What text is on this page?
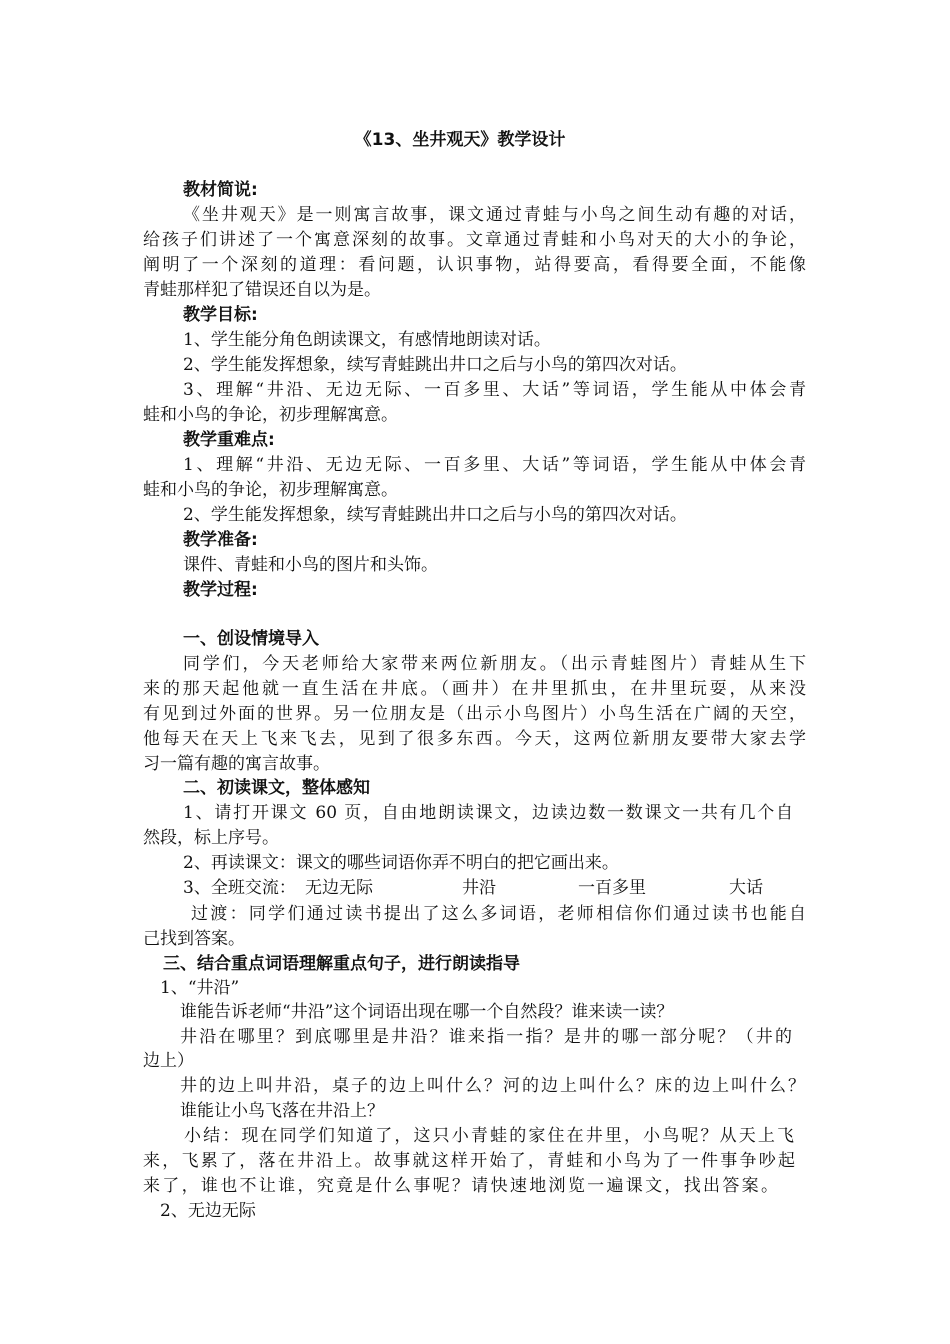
《13、坐井观天》教学设计
教材简说:
《坐井观天》是一则寓言故事，课文通过青蛙与小鸟之间生动有趣的对话，
给孩子们讲述了一个寓意深刻的故事。文章通过青蛙和小鸟对天的大小的争论，
阐明了一个深刻的道理：看问题，认识事物，站得要高，看得要全面，不能像
青蛙那样犯了错误还自以为是。
教学目标:
1、学生能分角色朗读课文，有感情地朗读对话。
2、学生能发挥想象，续写青蛙跳出井口之后与小鸟的第四次对话。
3、理解“井沿、无边无际、一百多里、大话”等词语，学生能从中体会青
蛙和小鸟的争论，初步理解寓意。
教学重难点:
1、理解“井沿、无边无际、一百多里、大话”等词语，学生能从中体会青
蛙和小鸟的争论，初步理解寓意。
2、学生能发挥想象，续写青蛙跳出井口之后与小鸟的第四次对话。
教学准备:
课件、青蛙和小鸟的图片和头饰。
教学过程:
一、创设情境导入
同学们，今天老师给大家带来两位新朋友。（出示青蛙图片）青蛙从生下
来的那天起他就一直生活在井底。（画井）在井里抓虫，在井里玩耍，从来没
有见到过外面的世界。另一位朋友是（出示小鸟图片）小鸟生活在广阔的天空，
他每天在天上飞来飞去，见到了很多东西。今天，这两位新朋友要带大家去学
习一篇有趣的寓言故事。
二、初读课文，整体感知
1、请打开课文 60 页，自由地朗读课文，边读边数一数课文一共有几个自
然段，标上序号。
2、再读课文：课文的哪些词语你弄不明白的把它画出来。
3、全班交流： 无边无际	井沿	一百多里	大话
过渡：同学们通过读书提出了这么多词语，老师相信你们通过读书也能自
己找到答案。
三、结合重点词语理解重点句子，进行朗读指导
1、“井沿”
谁能告诉老师“井沿”这个词语出现在哪一个自然段？谁来读一读？
井沿在哪里？到底哪里是井沿？谁来指一指？是井的哪一部分呢？（井的
边上）
井的边上叫井沿，桌子的边上叫什么？河的边上叫什么？床的边上叫什么？
谁能让小鸟飞落在井沿上？
小结：现在同学们知道了，这只小青蛙的家住在井里，小鸟呢？从天上飞
来，飞累了，落在井沿上。故事就这样开始了，青蛙和小鸟为了一件事争吵起
来了，谁也不让谁，究竟是什么事呢？请快速地浏览一遍课文，找出答案。
2、无边无际
